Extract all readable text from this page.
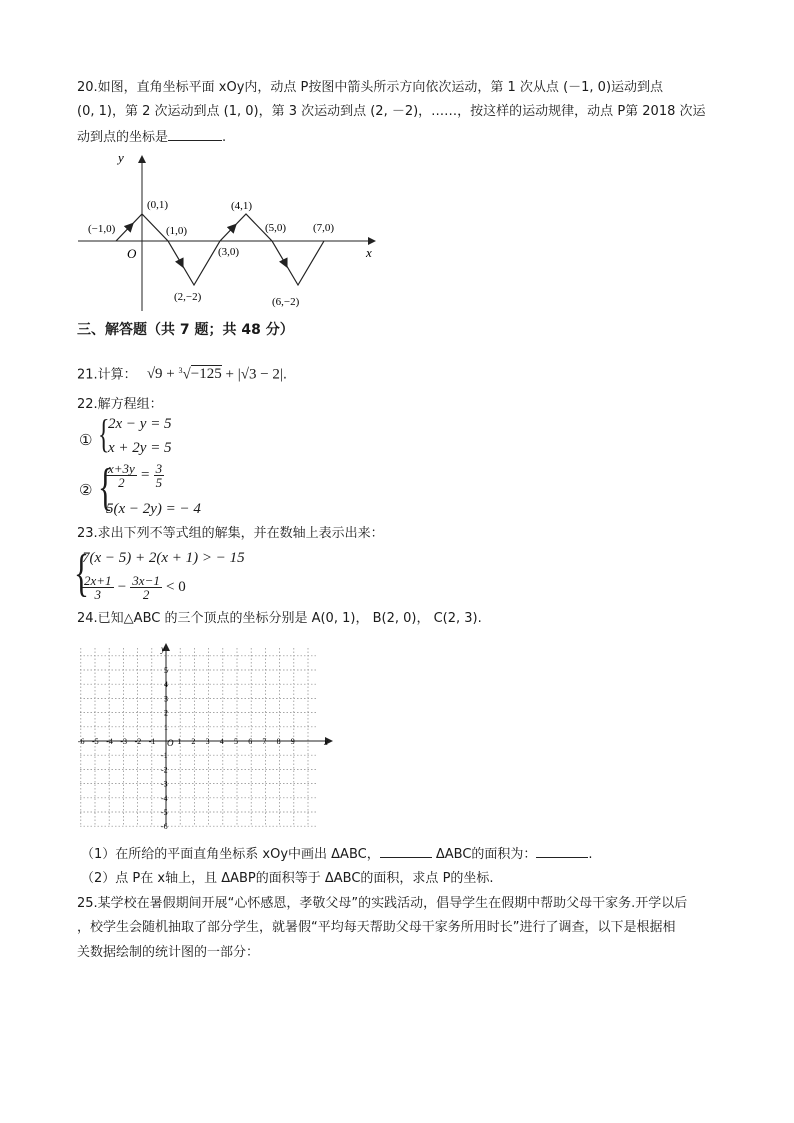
20.如图，直角坐标平面 xOy内，动点 P按图中箭头所示方向依次运动，第 1 次从点 (－1, 0)运动到点
(0, 1)，第 2 次运动到点 (1, 0)，第 3 次运动到点 (2, －2)，……，按这样的运动规律，动点 P第 2018 次运
动到点的坐标是	.
y
x
O
(−1,0)
(0,1)
(1,0)
(2,−2)
(3,0)
(4,1)
(5,0)
(6,−2)
(7,0)
三、解答题（共 7 题；共 48 分）
21.计算： √9 + $^3$√−125 + |√3 − 2|.
22.解方程组：
① {
2x − y = 5
x + 2y = 5
② {
$\frac{x+3y}{2} = \frac{3}{5}$
5(x − 2y) = − 4
23.求出下列不等式组的解集，并在数轴上表示出来：
{
7(x − 5) + 2(x + 1) > − 15
$\frac{2x+1}{3} - \frac{3x-1}{2} < 0$
24.已知△ABC 的三个顶点的坐标分别是 A(0, 1)， B(2, 0)， C(2, 3).
-6 -5 -4 -3 -2 -1	1 2 3 4 5 6 7 8 9
5
4
3
2
1
-1
-2
-3
-4
-5
-6
x
y
O
（1）在所给的平面直角坐标系 xOy中画出 ΔABC，	ΔABC的面积为：	.
（2）点 P在 x轴上，且 ΔABP的面积等于 ΔABC的面积，求点 P的坐标.
25.某学校在暑假期间开展“心怀感恩，孝敬父母”的实践活动，倡导学生在假期中帮助父母干家务.开学以后
，校学生会随机抽取了部分学生，就暑假“平均每天帮助父母干家务所用时长”进行了调查，以下是根据相
关数据绘制的统计图的一部分：
